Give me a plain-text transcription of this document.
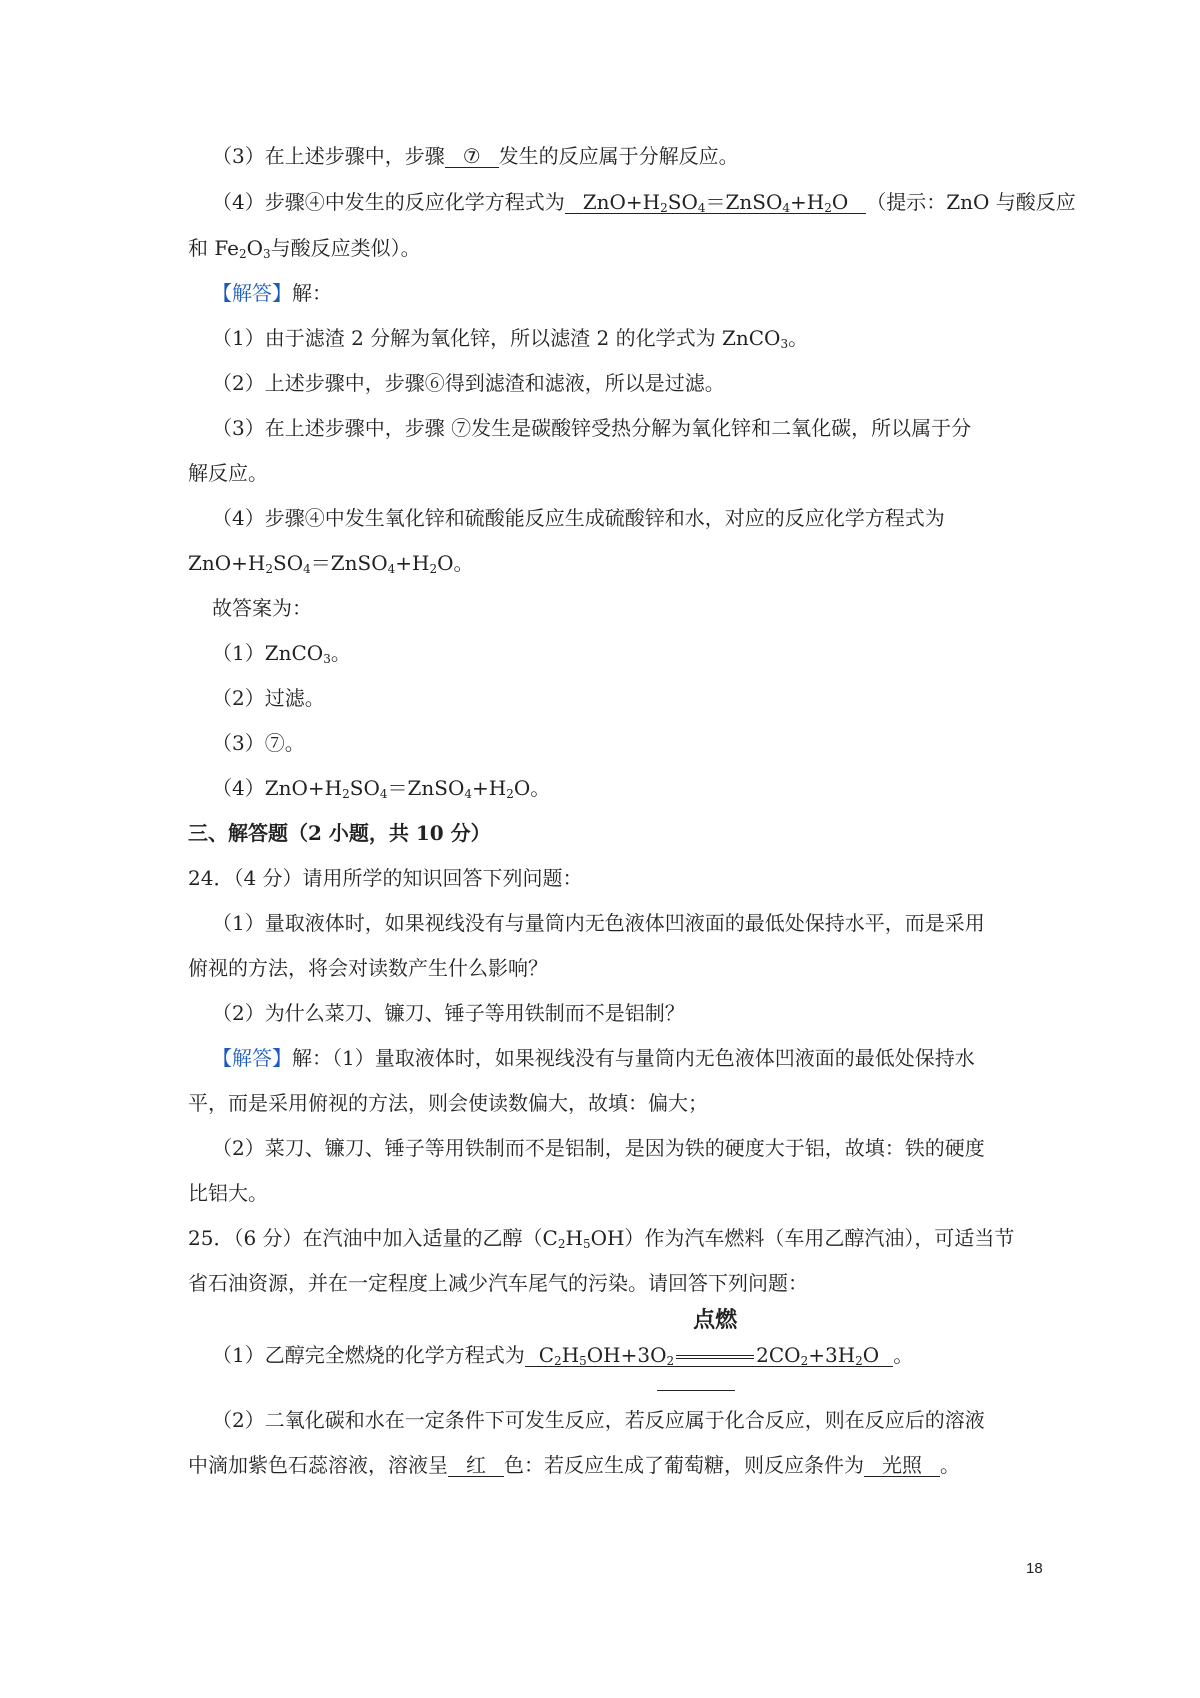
（3）在上述步骤中，步骤 ⑦ 发生的反应属于分解反应。
（4）步骤④中发生的反应化学方程式为 $ZnO+H_2SO_4=ZnSO_4+H_2O$ （提示：ZnO 与酸反应
和 $Fe_2O_3$与酸反应类似）。
【解答】解：
（1）由于滤渣 2 分解为氧化锌，所以滤渣 2 的化学式为 ZnCO$_3$。
（2）上述步骤中，步骤⑥得到滤渣和滤液，所以是过滤。
（3）在上述步骤中，步骤 ⑦发生是碳酸锌受热分解为氧化锌和二氧化碳，所以属于分
解反应。
（4）步骤④中发生氧化锌和硫酸能反应生成硫酸锌和水，对应的反应化学方程式为
$ZnO+H_2SO_4=ZnSO_4+H_2O$。
故答案为：
（1）ZnCO$_3$。
（2）过滤。
（3）⑦。
$(4)ZnO+H_2SO_4=ZnSO_4+H_2O$。
三、解答题（2 小题，共 10 分）
24．（4 分）请用所学的知识回答下列问题：
（1）量取液体时，如果视线没有与量筒内无色液体凹液面的最低处保持水平，而是采用
俯视的方法，将会对读数产生什么影响？
（2）为什么菜刀、镰刀、锤子等用铁制而不是铝制？
【解答】解：（1）量取液体时，如果视线没有与量筒内无色液体凹液面的最低处保持水
平，而是采用俯视的方法，则会使读数偏大，故填：偏大；
（2）菜刀、镰刀、锤子等用铁制而不是铝制，是因为铁的硬度大于铝，故填：铁的硬度
比铝大。
25．（6 分）在汽油中加入适量的乙醇$(C_2H_5OH)$作为汽车燃料（车用乙醇汽油），可适当节
省石油资源，并在一定程度上减少汽车尾气的污染。请回答下列问题：
（1）乙醇完全燃烧的化学方程式为 $C_2H_5OH+3O_2$
点燃
$2CO_2+3H_2O$ 。
（2）二氧化碳和水在一定条件下可发生反应，若反应属于化合反应，则在反应后的溶液
中滴加紫色石蕊溶液，溶液呈 红 色：若反应生成了葡萄糖，则反应条件为 光照 。
18
